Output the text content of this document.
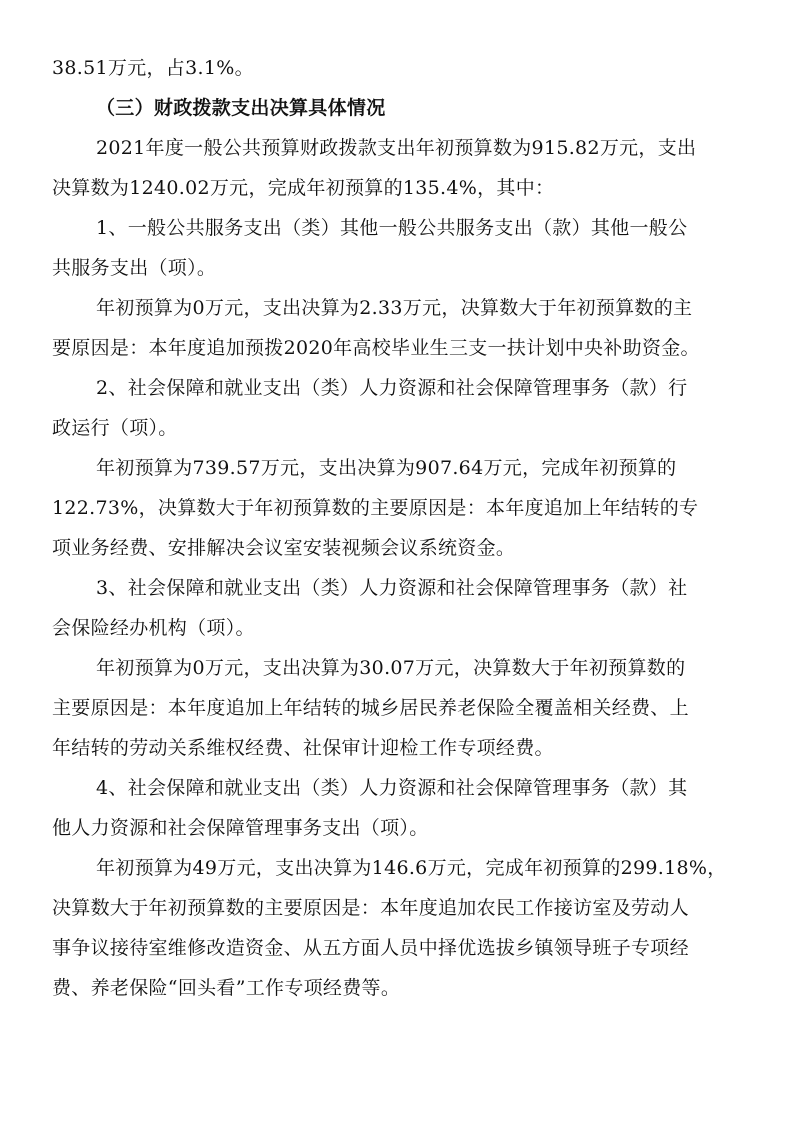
38.51万元，占3.1%。
（三）财政拨款支出决算具体情况
2021年度一般公共预算财政拨款支出年初预算数为915.82万元，支出
决算数为1240.02万元，完成年初预算的135.4%，其中：
1、一般公共服务支出（类）其他一般公共服务支出（款）其他一般公
共服务支出（项）。
年初预算为0万元，支出决算为2.33万元，决算数大于年初预算数的主
要原因是：本年度追加预拨2020年高校毕业生三支一扶计划中央补助资金。
2、社会保障和就业支出（类）人力资源和社会保障管理事务（款）行
政运行（项）。
年初预算为739.57万元，支出决算为907.64万元，完成年初预算的
122.73%，决算数大于年初预算数的主要原因是：本年度追加上年结转的专
项业务经费、安排解决会议室安装视频会议系统资金。
3、社会保障和就业支出（类）人力资源和社会保障管理事务（款）社
会保险经办机构（项）。
年初预算为0万元，支出决算为30.07万元，决算数大于年初预算数的
主要原因是：本年度追加上年结转的城乡居民养老保险全覆盖相关经费、上
年结转的劳动关系维权经费、社保审计迎检工作专项经费。
4、社会保障和就业支出（类）人力资源和社会保障管理事务（款）其
他人力资源和社会保障管理事务支出（项）。
年初预算为49万元，支出决算为146.6万元，完成年初预算的299.18%，
决算数大于年初预算数的主要原因是：本年度追加农民工作接访室及劳动人
事争议接待室维修改造资金、从五方面人员中择优选拔乡镇领导班子专项经
费、养老保险“回头看”工作专项经费等。
